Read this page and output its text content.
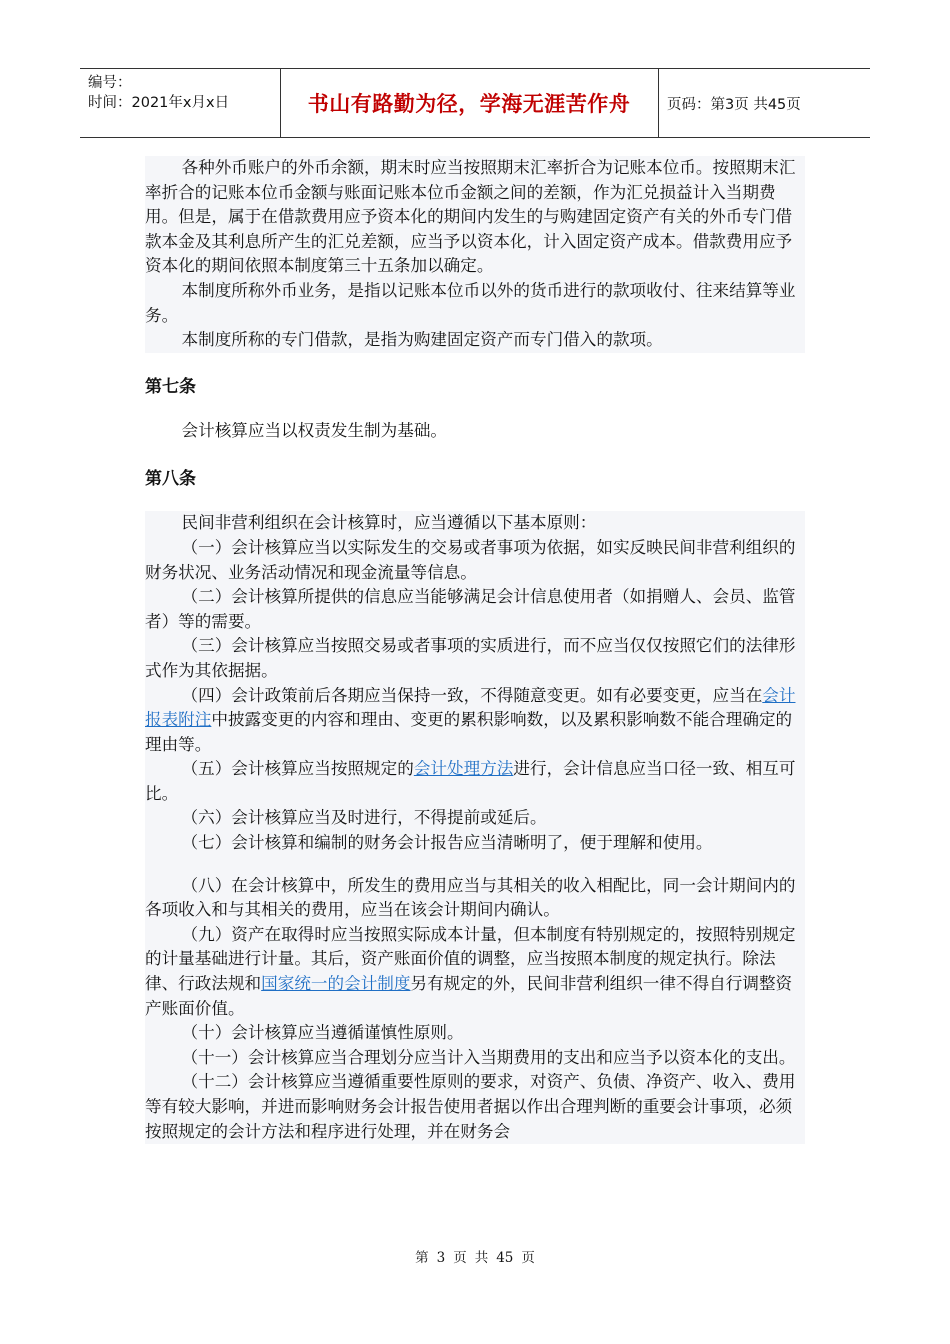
编号：
时间：2021年x月x日	书山有路勤为径，学海无涯苦作舟	页码：第3页 共45页

各种外币账户的外币余额，期末时应当按照期末汇率折合为记账本位币。按照期末汇率折合的记账本位币金额与账面记账本位币金额之间的差额，作为汇兑损益计入当期费用。但是，属于在借款费用应予资本化的期间内发生的与购建固定资产有关的外币专门借款本金及其利息所产生的汇兑差额，应当予以资本化，计入固定资产成本。借款费用应予资本化的期间依照本制度第三十五条加以确定。

本制度所称外币业务，是指以记账本位币以外的货币进行的款项收付、往来结算等业务。

本制度所称的专门借款，是指为购建固定资产而专门借入的款项。

第七条

会计核算应当以权责发生制为基础。

第八条

民间非营利组织在会计核算时，应当遵循以下基本原则：

（一）会计核算应当以实际发生的交易或者事项为依据，如实反映民间非营利组织的财务状况、业务活动情况和现金流量等信息。

（二）会计核算所提供的信息应当能够满足会计信息使用者（如捐赠人、会员、监管者）等的需要。

（三）会计核算应当按照交易或者事项的实质进行，而不应当仅仅按照它们的法律形式作为其依据据。

（四）会计政策前后各期应当保持一致，不得随意变更。如有必要变更，应当在会计报表附注中披露变更的内容和理由、变更的累积影响数，以及累积影响数不能合理确定的理由等。

（五）会计核算应当按照规定的会计处理方法进行，会计信息应当口径一致、相互可比。

（六）会计核算应当及时进行，不得提前或延后。

（七）会计核算和编制的财务会计报告应当清晰明了，便于理解和使用。

（八）在会计核算中，所发生的费用应当与其相关的收入相配比，同一会计期间内的各项收入和与其相关的费用，应当在该会计期间内确认。

（九）资产在取得时应当按照实际成本计量，但本制度有特别规定的，按照特别规定的计量基础进行计量。其后，资产账面价值的调整，应当按照本制度的规定执行。除法律、行政法规和国家统一的会计制度另有规定的外，民间非营利组织一律不得自行调整资产账面价值。

（十）会计核算应当遵循谨慎性原则。

（十一）会计核算应当合理划分应当计入当期费用的支出和应当予以资本化的支出。

（十二）会计核算应当遵循重要性原则的要求，对资产、负债、净资产、收入、费用等有较大影响，并进而影响财务会计报告使用者据以作出合理判断的重要会计事项，必须按照规定的会计方法和程序进行处理，并在财务会

第 3 页 共 45 页
